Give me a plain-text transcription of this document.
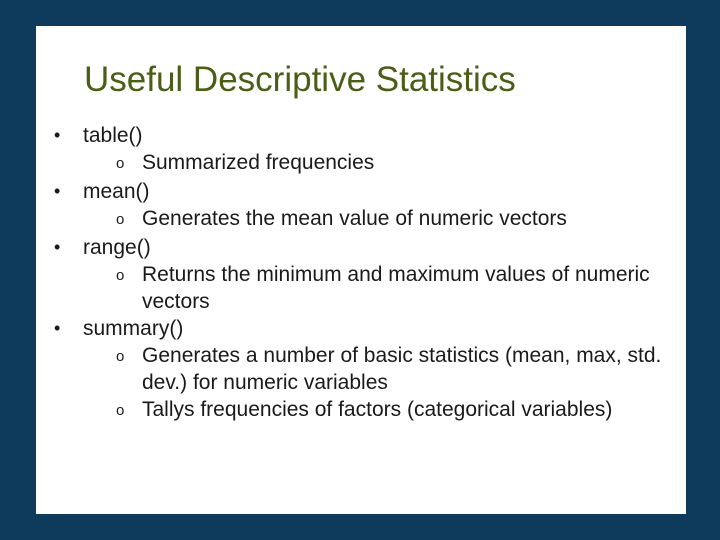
Useful Descriptive Statistics
•	table()
o Summarized frequencies
•	mean()
o Generates the mean value of numeric vectors
•	range()
o Returns the minimum and maximum values of numeric vectors
•	summary()
o Generates a number of basic statistics (mean, max, std. dev.) for numeric variables
o Tallys frequencies of factors (categorical variables)
